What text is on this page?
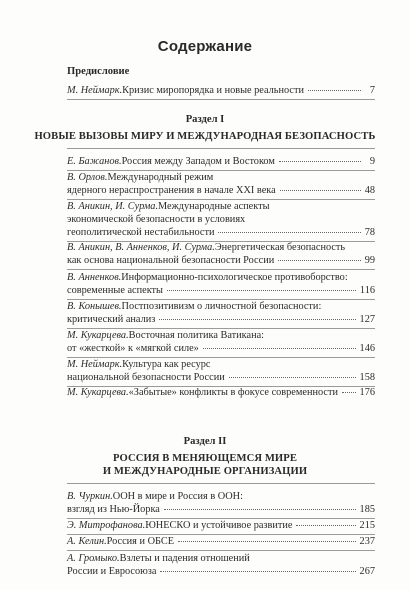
Содержание
Предисловие
М. Неймарк. Кризис миропорядка и новые реальности	7
Раздел I
НОВЫЕ ВЫЗОВЫ МИРУ И МЕЖДУНАРОДНАЯ БЕЗОПАСНОСТЬ
Е. Бажанов. Россия между Западом и Востоком	9
В. Орлов. Международный режим
ядерного нераспространения в начале XXI века	48
В. Аникин, И. Сурма. Международные аспекты
экономической безопасности в условиях
геополитической нестабильности	78
В. Аникин, В. Анненков, И. Сурма. Энергетическая безопасность
как основа национальной безопасности России	99
В. Анненков. Информационно-психологическое противоборство:
современные аспекты	116
В. Конышев. Постпозитивизм о личностной безопасности:
критический анализ	127
М. Кукарцева. Восточная политика Ватикана:
от «жесткой» к «мягкой силе»	146
М. Неймарк. Культура как ресурс
национальной безопасности России	158
М. Кукарцева. «Забытые» конфликты в фокусе современности 176
Раздел II
РОССИЯ В МЕНЯЮЩЕМСЯ МИРЕ
И МЕЖДУНАРОДНЫЕ ОРГАНИЗАЦИИ
В. Чуркин. ООН в мире и Россия в ООН:
взгляд из Нью-Йорка	185
Э. Митрофанова. ЮНЕСКО и устойчивое развитие	215
А. Келин. Россия и ОБСЕ	237
А. Громыко. Взлеты и падения отношений
России и Евросоюза	267
